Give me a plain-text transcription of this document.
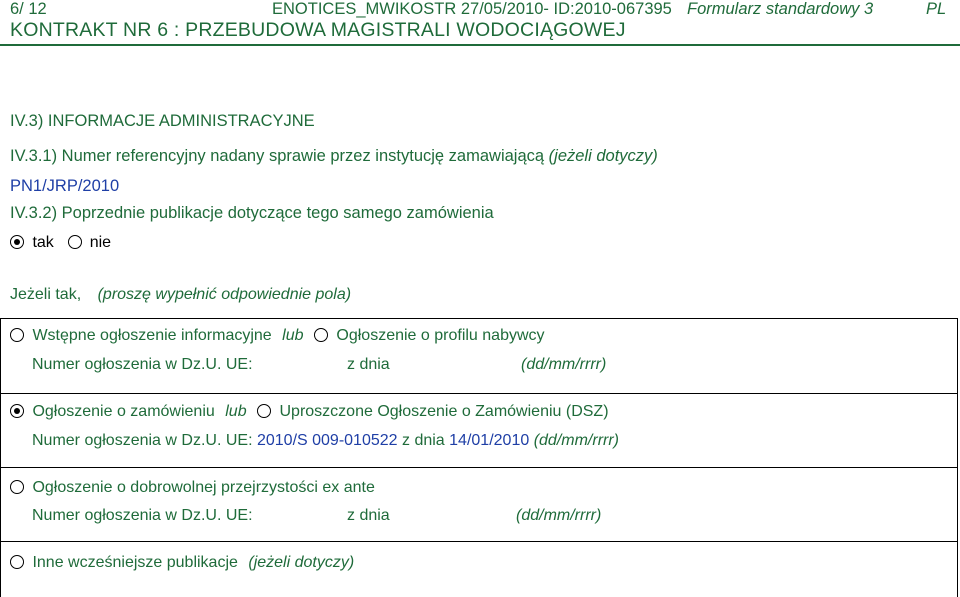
6/ 12	ENOTICES_MWIKOSTR 27/05/2010- ID:2010-067395 Formularz standardowy 3	PL
KONTRAKT NR 6 : PRZEBUDOWA MAGISTRALI WODOCIĄGOWEJ
IV.3) INFORMACJE ADMINISTRACYJNE
IV.3.1) Numer referencyjny nadany sprawie przez instytucję zamawiającą (jeżeli dotyczy)
PN1/JRP/2010
IV.3.2) Poprzednie publikacje dotyczące tego samego zamówienia
tak nie
Jeżeli tak, (proszę wypełnić odpowiednie pola)
Wstępne ogłoszenie informacyjne lub Ogłoszenie o profilu nabywcy
Numer ogłoszenia w Dz.U. UE:	z dnia	(dd/mm/rrrr)
Ogłoszenie o zamówieniu lub Uproszczone Ogłoszenie o Zamówieniu (DSZ)
Numer ogłoszenia w Dz.U. UE: 2010/S 009-010522 z dnia 14/01/2010 (dd/mm/rrrr)
Ogłoszenie o dobrowolnej przejrzystości ex ante
Numer ogłoszenia w Dz.U. UE:	z dnia	(dd/mm/rrrr)
Inne wcześniejsze publikacje (jeżeli dotyczy)
